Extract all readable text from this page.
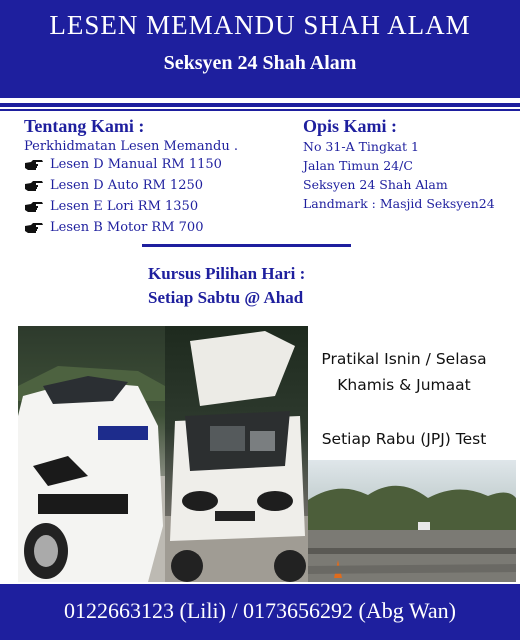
LESEN MEMANDU SHAH ALAM
Seksyen 24 Shah Alam
Tentang Kami :
Perkhidmatan Lesen Memandu .
Lesen D Manual RM 1150
Lesen D Auto RM 1250
Lesen E Lori RM 1350
Lesen B Motor RM 700
Opis Kami :
No 31-A Tingkat 1
Jalan Timun 24/C
Seksyen 24 Shah Alam
Landmark : Masjid Seksyen24
Kursus Pilihan Hari :
Setiap Sabtu @ Ahad
Pratikal Isnin / Selasa
Khamis & Jumaat
Setiap Rabu (JPJ) Test
0122663123 (Lili) / 0173656292 (Abg Wan)
